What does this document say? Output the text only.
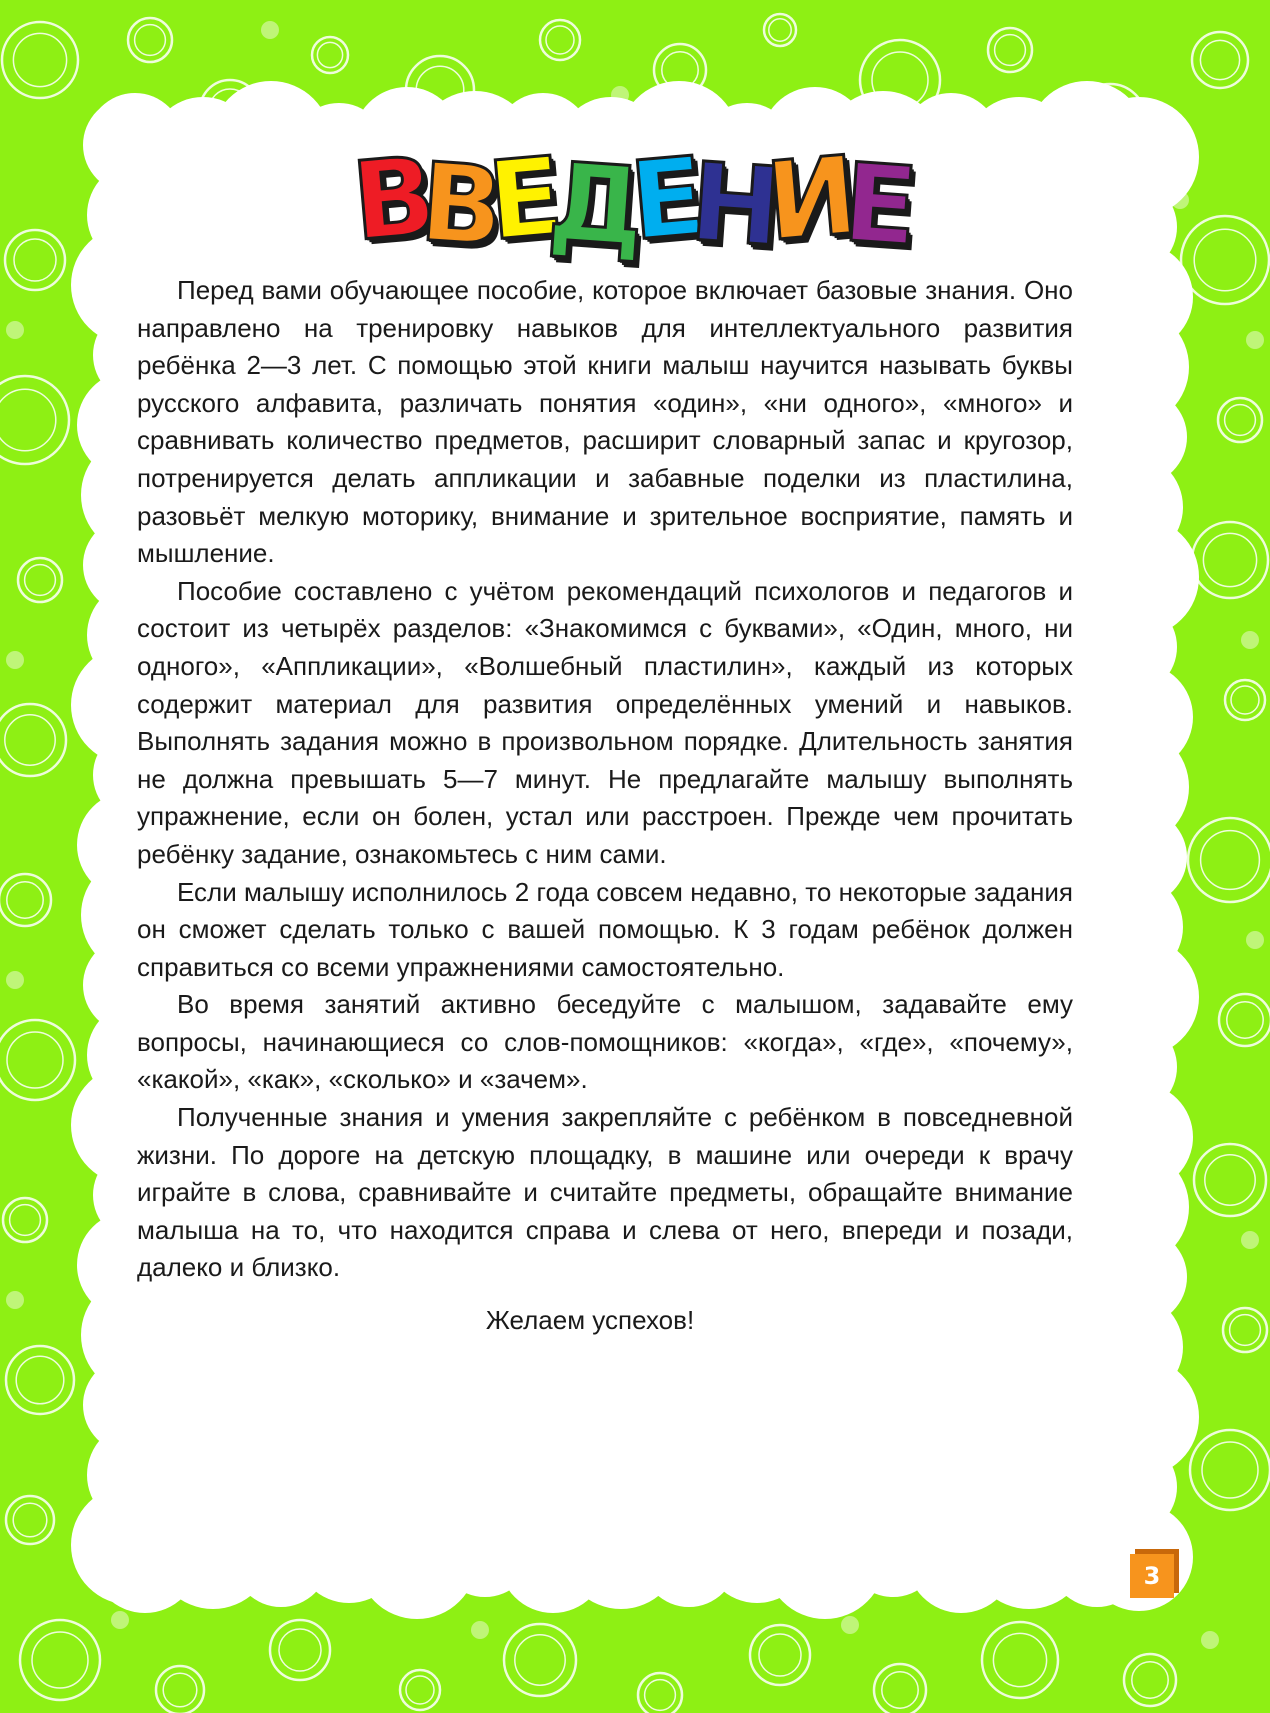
В
В
Е
Д
Е
Н
И
Е

Перед вами обучающее пособие, которое включает базовые знания. Оно направлено на тренировку навыков для интеллектуального развития ребёнка 2—3 лет. С помощью этой книги малыш научится называть буквы русского алфавита, различать понятия «один», «ни одного», «много» и сравнивать количество предметов, расширит словарный запас и кругозор, потренируется делать аппликации и забавные поделки из пластилина, разовьёт мелкую моторику, внимание и зрительное восприятие, память и мышление.

Пособие составлено с учётом рекомендаций психологов и педагогов и состоит из четырёх разделов: «Знакомимся с буквами», «Один, много, ни одного», «Аппликации», «Волшебный пластилин», каждый из которых содержит материал для развития определённых умений и навыков. Выполнять задания можно в произвольном порядке. Длительность занятия не должна превышать 5—7 минут. Не предлагайте малышу выполнять упражнение, если он болен, устал или расстроен. Прежде чем прочитать ребёнку задание, ознакомьтесь с ним сами.

Если малышу исполнилось 2 года совсем недавно, то некоторые задания он сможет сделать только с вашей помощью. К 3 годам ребёнок должен справиться со всеми упражнениями самостоятельно.

Во время занятий активно беседуйте с малышом, задавайте ему вопросы, начинающиеся со слов-помощников: «когда», «где», «почему», «какой», «как», «сколько» и «зачем».

Полученные знания и умения закрепляйте с ребёнком в повседневной жизни. По дороге на детскую площадку, в машине или очереди к врачу играйте в слова, сравнивайте и считайте предметы, обращайте внимание малыша на то, что находится справа и слева от него, впереди и позади, далеко и близко.

Желаем успехов!

3
